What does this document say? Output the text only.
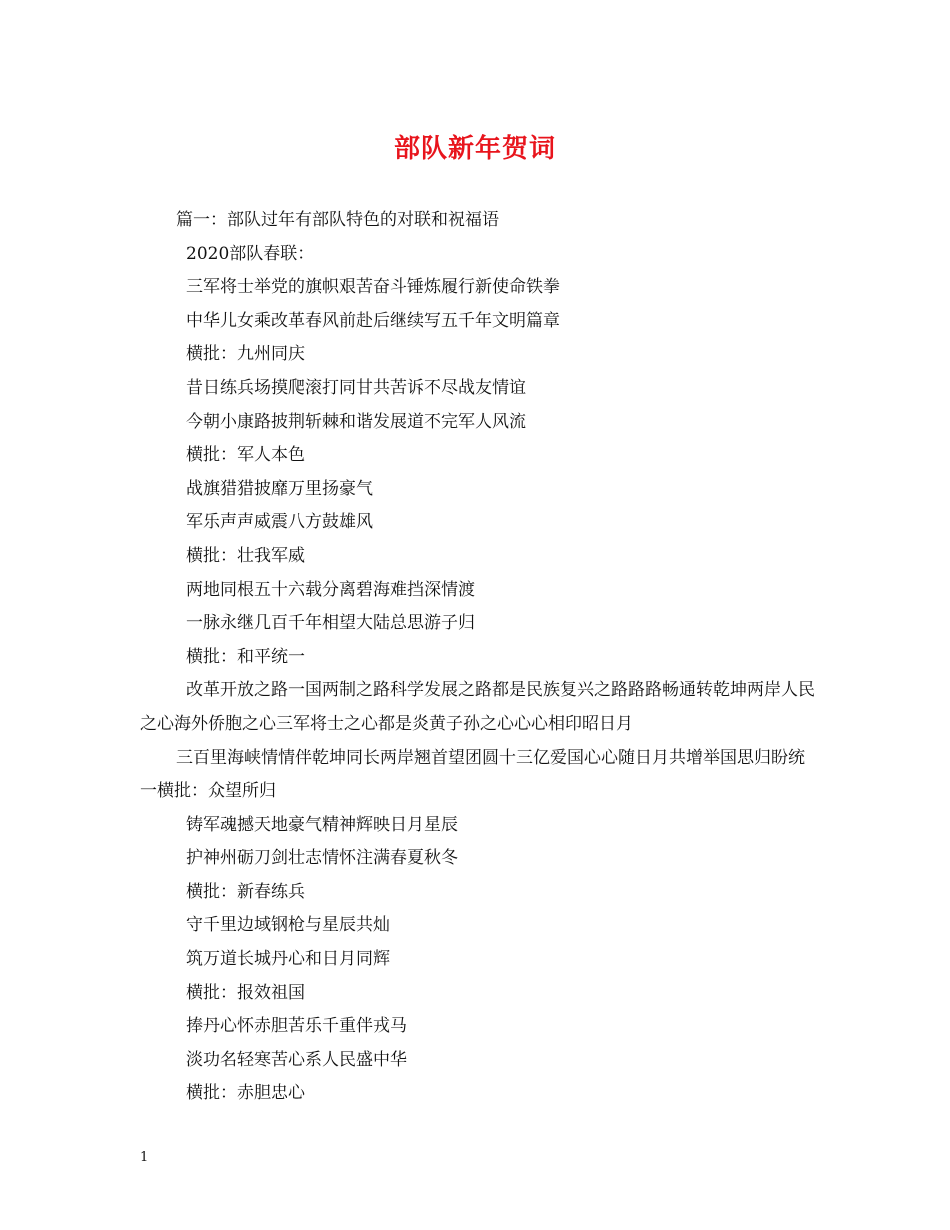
部队新年贺词

篇一：部队过年有部队特色的对联和祝福语

2020部队春联：

三军将士举党的旗帜艰苦奋斗锤炼履行新使命铁拳

中华儿女乘改革春风前赴后继续写五千年文明篇章

横批：九州同庆

昔日练兵场摸爬滚打同甘共苦诉不尽战友情谊

今朝小康路披荆斩棘和谐发展道不完军人风流

横批：军人本色

战旗猎猎披靡万里扬豪气

军乐声声威震八方鼓雄风

横批：壮我军威

两地同根五十六载分离碧海难挡深情渡

一脉永继几百千年相望大陆总思游子归

横批：和平统一

改革开放之路一国两制之路科学发展之路都是民族复兴之路路路畅通转乾坤两岸人民之心海外侨胞之心三军将士之心都是炎黄子孙之心心心相印昭日月

三百里海峡情情伴乾坤同长两岸翘首望团圆十三亿爱国心心随日月共增举国思归盼统一横批：众望所归

铸军魂撼天地豪气精神辉映日月星辰

护神州砺刀剑壮志情怀注满春夏秋冬

横批：新春练兵

守千里边域钢枪与星辰共灿

筑万道长城丹心和日月同辉

横批：报效祖国

捧丹心怀赤胆苦乐千重伴戎马

淡功名轻寒苦心系人民盛中华

横批：赤胆忠心

1
